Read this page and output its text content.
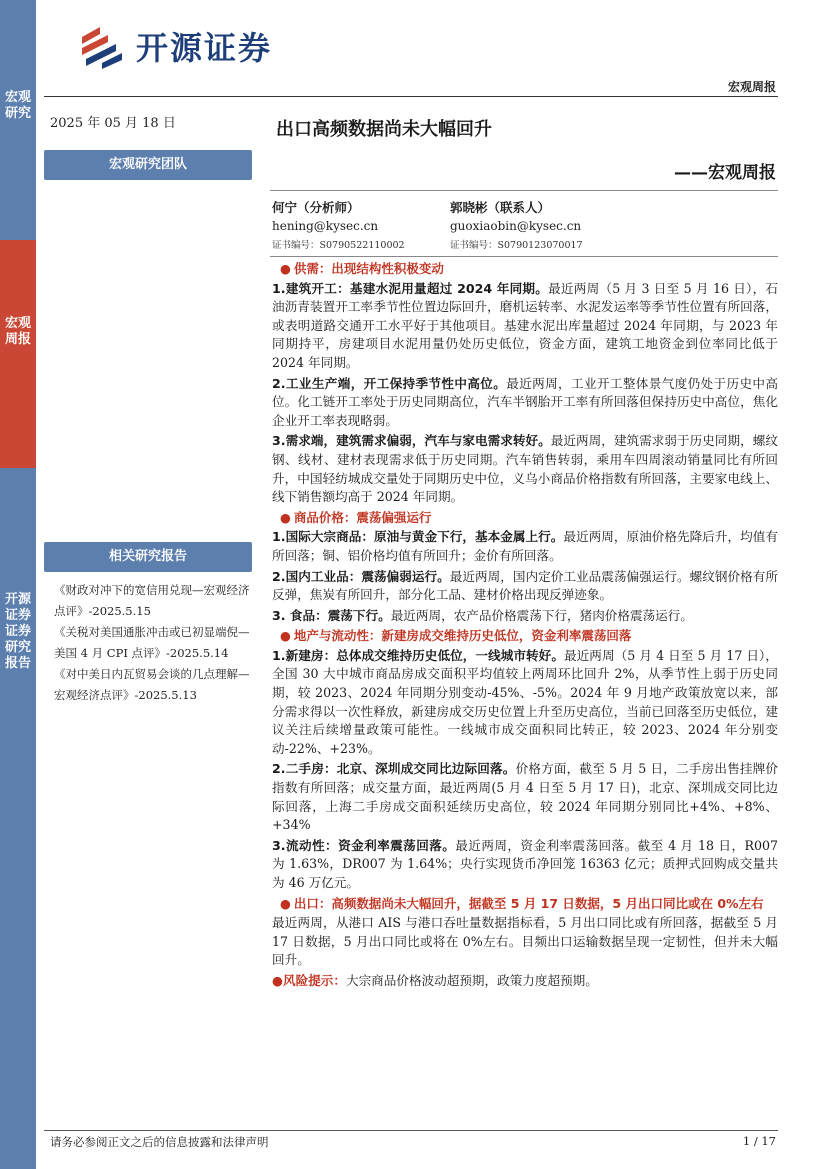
宏观研究
宏观周报
开源证券 证券研究报告
开源证券
宏观周报
2025 年 05 月 18 日	出口高频数据尚未大幅回升
——宏观周报
宏观研究团队
相关研究报告
《财政对冲下的宽信用兑现—宏观经济点评》-2025.5.15
《关税对美国通胀冲击或已初显端倪—美国 4 月 CPI 点评》-2025.5.14
《对中美日内瓦贸易会谈的几点理解—宏观经济点评》-2025.5.13
何宁（分析师）
hening@kysec.cn
证书编号：S0790522110002
郭晓彬（联系人）
guoxiaobin@kysec.cn
证书编号：S0790123070017
● 供需：出现结构性积极变动

1.建筑开工：基建水泥用量超过 2024 年同期。最近两周（5 月 3 日至 5 月 16 日），石油沥青装置开工率季节性位置边际回升，磨机运转率、水泥发运率等季节性位置有所回落，或表明道路交通开工水平好于其他项目。基建水泥出库量超过 2024 年同期，与 2023 年同期持平，房建项目水泥用量仍处历史低位，资金方面，建筑工地资金到位率同比低于 2024 年同期。

2.工业生产端，开工保持季节性中高位。最近两周，工业开工整体景气度仍处于历史中高位。化工链开工率处于历史同期高位，汽车半钢胎开工率有所回落但保持历史中高位，焦化企业开工率表现略弱。

3.需求端，建筑需求偏弱，汽车与家电需求转好。最近两周，建筑需求弱于历史同期，螺纹钢、线材、建材表现需求低于历史同期。汽车销售转弱，乘用车四周滚动销量同比有所回升，中国轻纺城成交量处于同期历史中位，义乌小商品价格指数有所回落，主要家电线上、线下销售额均高于 2024 年同期。

● 商品价格：震荡偏强运行

1.国际大宗商品：原油与黄金下行，基本金属上行。最近两周，原油价格先降后升，均值有所回落；铜、铝价格均值有所回升；金价有所回落。

2.国内工业品：震荡偏弱运行。最近两周，国内定价工业品震荡偏强运行。螺纹钢价格有所反弹，焦炭有所回升，部分化工品、建材价格出现反弹迹象。

3. 食品：震荡下行。最近两周，农产品价格震荡下行，猪肉价格震荡运行。

● 地产与流动性：新建房成交维持历史低位，资金利率震荡回落

1.新建房：总体成交维持历史低位，一线城市转好。最近两周（5 月 4 日至 5 月 17 日），全国 30 大中城市商品房成交面积平均值较上两周环比回升 2%，从季节性上弱于历史同期，较 2023、2024 年同期分别变动-45%、-5%。2024 年 9 月地产政策放宽以来，部分需求得以一次性释放，新建房成交历史位置上升至历史高位，当前已回落至历史低位，建议关注后续增量政策可能性。一线城市成交面积同比转正，较 2023、2024 年分别变动-22%、+23%。

2.二手房：北京、深圳成交同比边际回落。价格方面，截至 5 月 5 日，二手房出售挂牌价指数有所回落；成交量方面，最近两周(5 月 4 日至 5 月 17 日)，北京、深圳成交同比边际回落，上海二手房成交面积延续历史高位，较 2024 年同期分别同比+4%、+8%、+34%

3.流动性：资金利率震荡回落。最近两周，资金利率震荡回落。截至 4 月 18 日，R007 为 1.63%，DR007 为 1.64%；央行实现货币净回笼 16363 亿元；质押式回购成交量共为 46 万亿元。

● 出口：高频数据尚未大幅回升，据截至 5 月 17 日数据，5 月出口同比或在 0%左右

最近两周，从港口 AIS 与港口吞吐量数据指标看，5 月出口同比或有所回落，据截至 5 月 17 日数据，5 月出口同比或将在 0%左右。目频出口运输数据呈现一定韧性，但并未大幅回升。

●风险提示：大宗商品价格波动超预期，政策力度超预期。

请务必参阅正文之后的信息披露和法律声明	1 / 17
